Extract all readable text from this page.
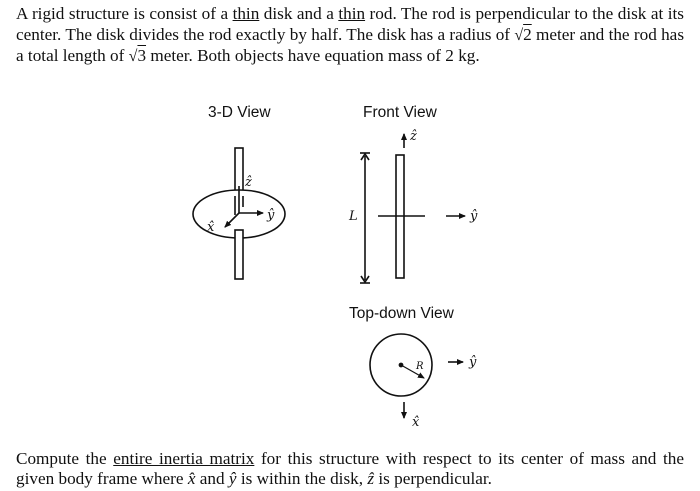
A rigid structure is consist of a thin disk and a thin rod. The rod is perpendicular to the disk at its center. The disk divides the rod exactly by half. The disk has a radius of √2 meter and the rod has a total length of √3 meter. Both objects have equation mass of 2 kg.
3-D View	Front View
Top-down View
ẑ
ŷ
x̂
ẑ
ŷ
L
R	ŷ
x̂
Compute the entire inertia matrix for this structure with respect to its center of mass and the given body frame where x̂ and ŷ is within the disk, ẑ is perpendicular.
